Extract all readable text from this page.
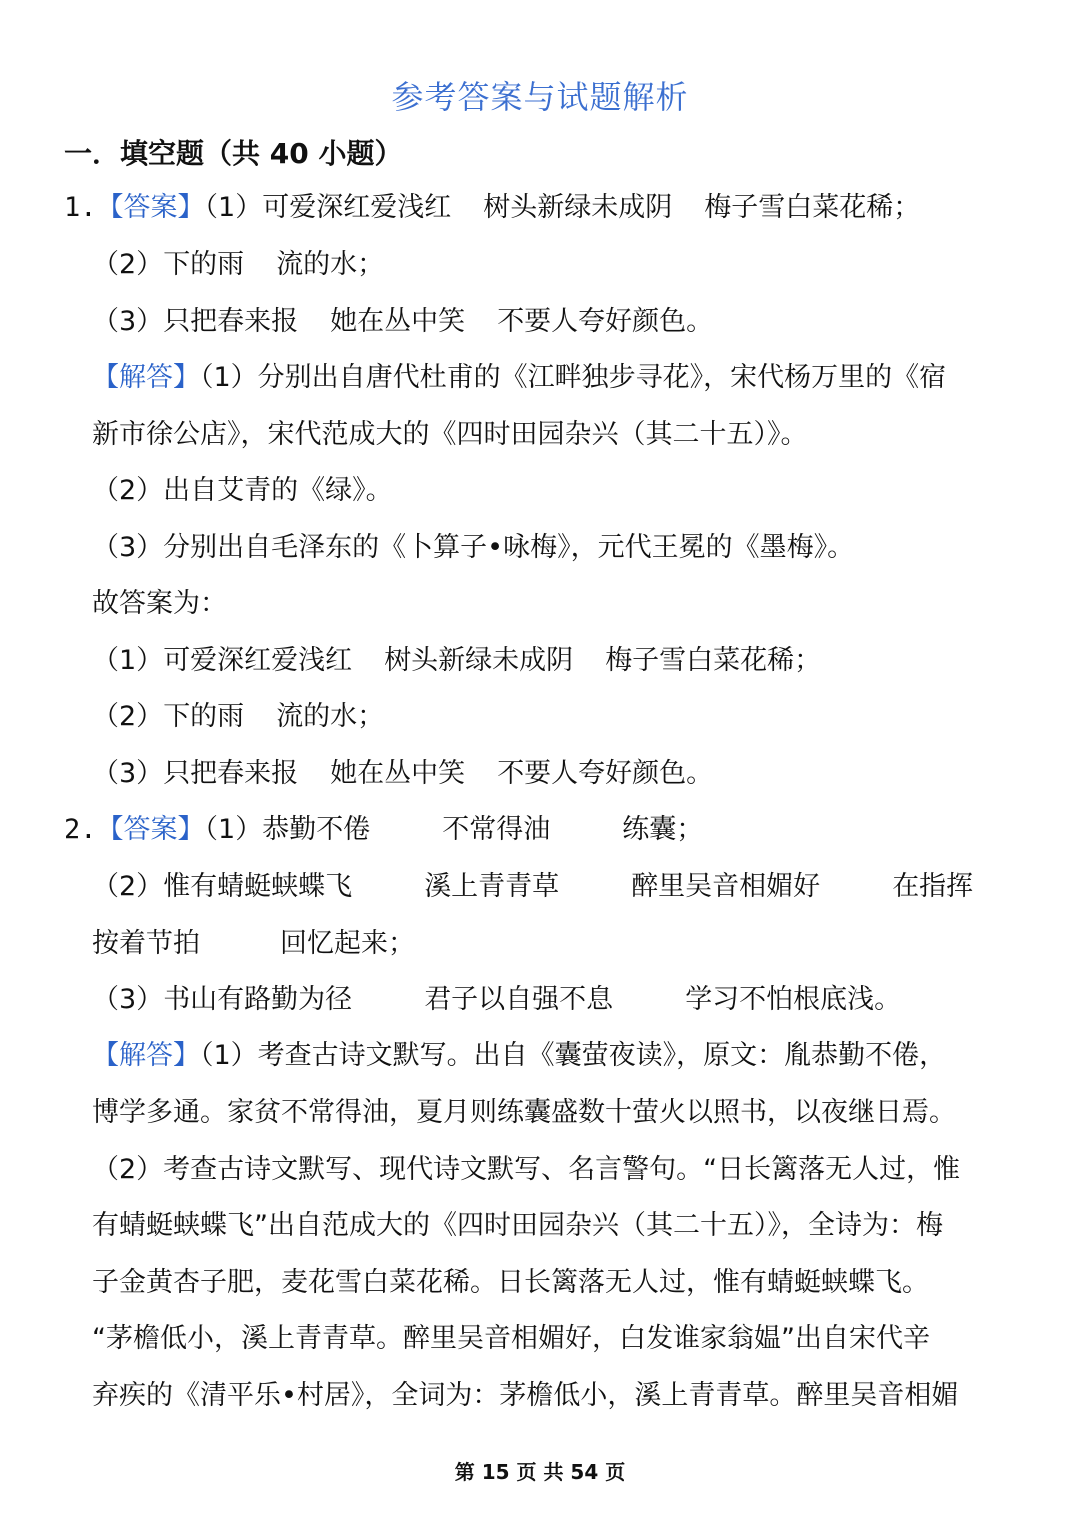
参考答案与试题解析
一．填空题（共 40 小题）
1.【答案】（1）可爱深红爱浅红 树头新绿未成阴 梅子雪白菜花稀；
（2）下的雨 流的水；
（3）只把春来报 她在丛中笑 不要人夸好颜色。
【解答】（1）分别出自唐代杜甫的《江畔独步寻花》，宋代杨万里的《宿
新市徐公店》，宋代范成大的《四时田园杂兴（其二十五）》。
（2）出自艾青的《绿》。
（3）分别出自毛泽东的《卜算子•咏梅》，元代王冕的《墨梅》。
故答案为：
（1）可爱深红爱浅红 树头新绿未成阴 梅子雪白菜花稀；
（2）下的雨 流的水；
（3）只把春来报 她在丛中笑 不要人夸好颜色。
2.【答案】（1）恭勤不倦	不常得油	练囊；
（2）惟有蜻蜓蛱蝶飞	溪上青青草	醉里吴音相媚好	在指挥
按着节拍	回忆起来；
（3）书山有路勤为径	君子以自强不息	学习不怕根底浅。
【解答】（1）考查古诗文默写。出自《囊萤夜读》，原文：胤恭勤不倦，
博学多通。家贫不常得油，夏月则练囊盛数十萤火以照书，以夜继日焉。
（2）考查古诗文默写、现代诗文默写、名言警句。“日长篱落无人过，惟
有蜻蜓蛱蝶飞”出自范成大的《四时田园杂兴（其二十五）》，全诗为：梅
子金黄杏子肥，麦花雪白菜花稀。日长篱落无人过，惟有蜻蜓蛱蝶飞。
“茅檐低小，溪上青青草。醉里吴音相媚好，白发谁家翁媪”出自宋代辛
弃疾的《清平乐•村居》，全词为：茅檐低小，溪上青青草。醉里吴音相媚
第 15 页 共 54 页
